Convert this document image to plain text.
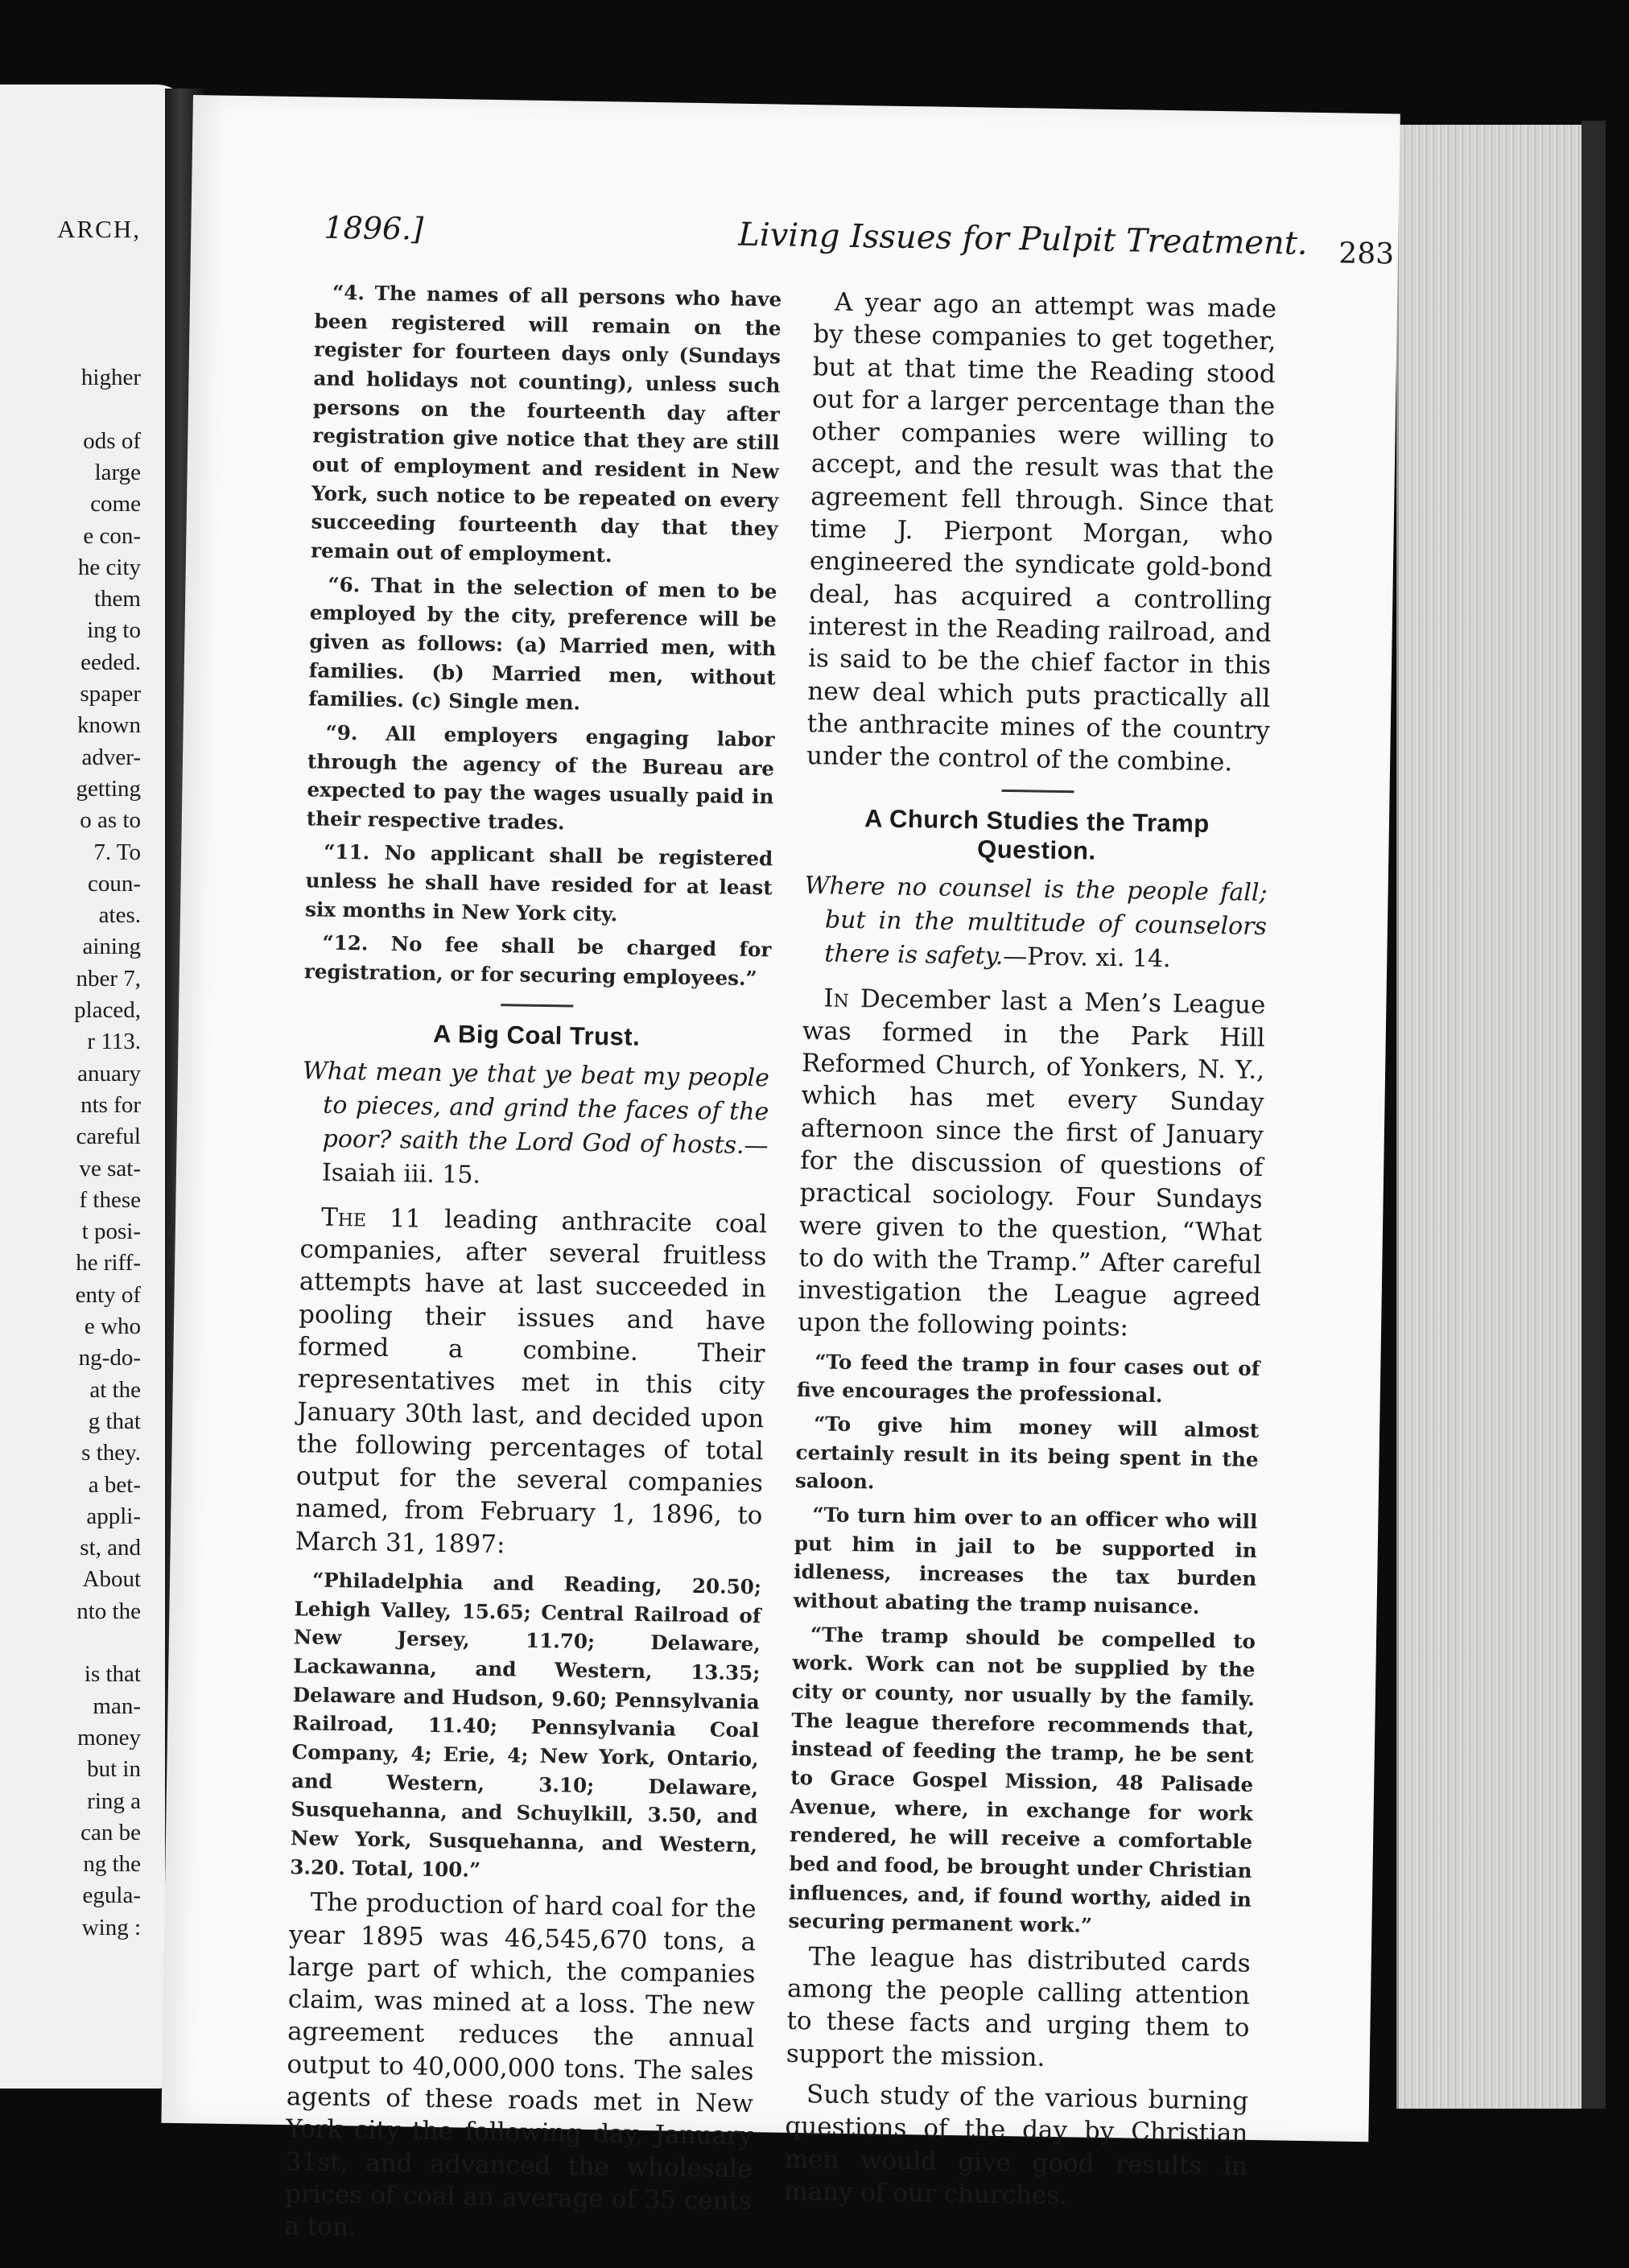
ARCH,
higher
ods of
large
come
e con-
he city
them
ing to
eeded.
spaper
known
adver-
getting
o as to
7. To
coun-
ates.
aining
nber 7,
placed,
r 113.
anuary
nts for
careful
ve sat-
f these
t posi-
he riff-
enty of
e who
ng-do-
at the
g that
s they.
a bet-
appli-
st, and
About
nto the
is that
man-
money
but in
ring a
can be
ng the
egula-
wing :
1896.]	Living Issues for Pulpit Treatment. 283

“4. The names of all persons who have been registered will remain on the register for fourteen days only (Sundays and holidays not counting), unless such persons on the fourteenth day after registration give notice that they are still out of employment and resident in New York, such notice to be repeated on every succeeding fourteenth day that they remain out of employment.

“6. That in the selection of men to be employed by the city, preference will be given as follows: (a) Married men, with families. (b) Married men, without families. (c) Single men.

“9. All employers engaging labor through the agency of the Bureau are expected to pay the wages usually paid in their respective trades.

“11. No applicant shall be registered unless he shall have resided for at least six months in New York city.

“12. No fee shall be charged for registration, or for securing employees.”

A Big Coal Trust.

What mean ye that ye beat my people to pieces, and grind the faces of the poor? saith the Lord God of hosts.—Isaiah iii. 15.

The 11 leading anthracite coal companies, after several fruitless attempts have at last succeeded in pooling their issues and have formed a combine. Their representatives met in this city January 30th last, and decided upon the following percentages of total output for the several companies named, from February 1, 1896, to March 31, 1897:

“Philadelphia and Reading, 20.50; Lehigh Valley, 15.65; Central Railroad of New Jersey, 11.70; Delaware, Lackawanna, and Western, 13.35; Delaware and Hudson, 9.60; Pennsylvania Railroad, 11.40; Pennsylvania Coal Company, 4; Erie, 4; New York, Ontario, and Western, 3.10; Delaware, Susquehanna, and Schuylkill, 3.50, and New York, Susquehanna, and Western, 3.20. Total, 100.”

The production of hard coal for the year 1895 was 46,545,670 tons, a large part of which, the companies claim, was mined at a loss. The new agreement reduces the annual output to 40,000,000 tons. The sales agents of these roads met in New York city the following day, January 31st, and advanced the wholesale prices of coal an average of 35 cents a ton.

A year ago an attempt was made by these companies to get together, but at that time the Reading stood out for a larger percentage than the other companies were willing to accept, and the result was that the agreement fell through. Since that time J. Pierpont Morgan, who engineered the syndicate gold-bond deal, has acquired a controlling interest in the Reading railroad, and is said to be the chief factor in this new deal which puts practically all the anthracite mines of the country under the control of the combine.

A Church Studies the Tramp Question.

Where no counsel is the people fall; but in the multitude of counselors there is safety.—Prov. xi. 14.

In December last a Men’s League was formed in the Park Hill Reformed Church, of Yonkers, N. Y., which has met every Sunday afternoon since the first of January for the discussion of questions of practical sociology. Four Sundays were given to the question, “What to do with the Tramp.” After careful investigation the League agreed upon the following points:

“To feed the tramp in four cases out of five encourages the professional.

“To give him money will almost certainly result in its being spent in the saloon.

“To turn him over to an officer who will put him in jail to be supported in idleness, increases the tax burden without abating the tramp nuisance.

“The tramp should be compelled to work. Work can not be supplied by the city or county, nor usually by the family. The league therefore recommends that, instead of feeding the tramp, he be sent to Grace Gospel Mission, 48 Palisade Avenue, where, in exchange for work rendered, he will receive a comfortable bed and food, be brought under Christian influences, and, if found worthy, aided in securing permanent work.”

The league has distributed cards among the people calling attention to these facts and urging them to support the mission.

Such study of the various burning questions of the day by Christian men would give good results in many of our churches.
